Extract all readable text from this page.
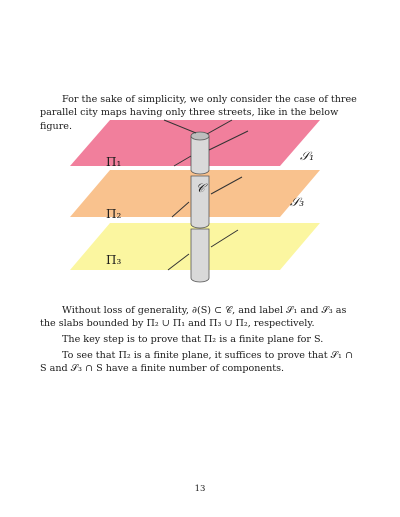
For the sake of simplicity, we only consider the case of three parallel city maps having only three streets, like in the below figure.

Π₁
Π₂
Π₃
𝒮₁
𝒮₃
𝒞

Without loss of generality, ∂(S) ⊂ 𝒞, and label 𝒮₁ and 𝒮₃ as the slabs bounded by Π₂ ∪ Π₁ and Π₃ ∪ Π₂, respectively.

The key step is to prove that Π₂ is a finite plane for S.

To see that Π₂ is a finite plane, it suffices to prove that 𝒮₁ ∩ S and 𝒮₃ ∩ S have a finite number of components.

13
